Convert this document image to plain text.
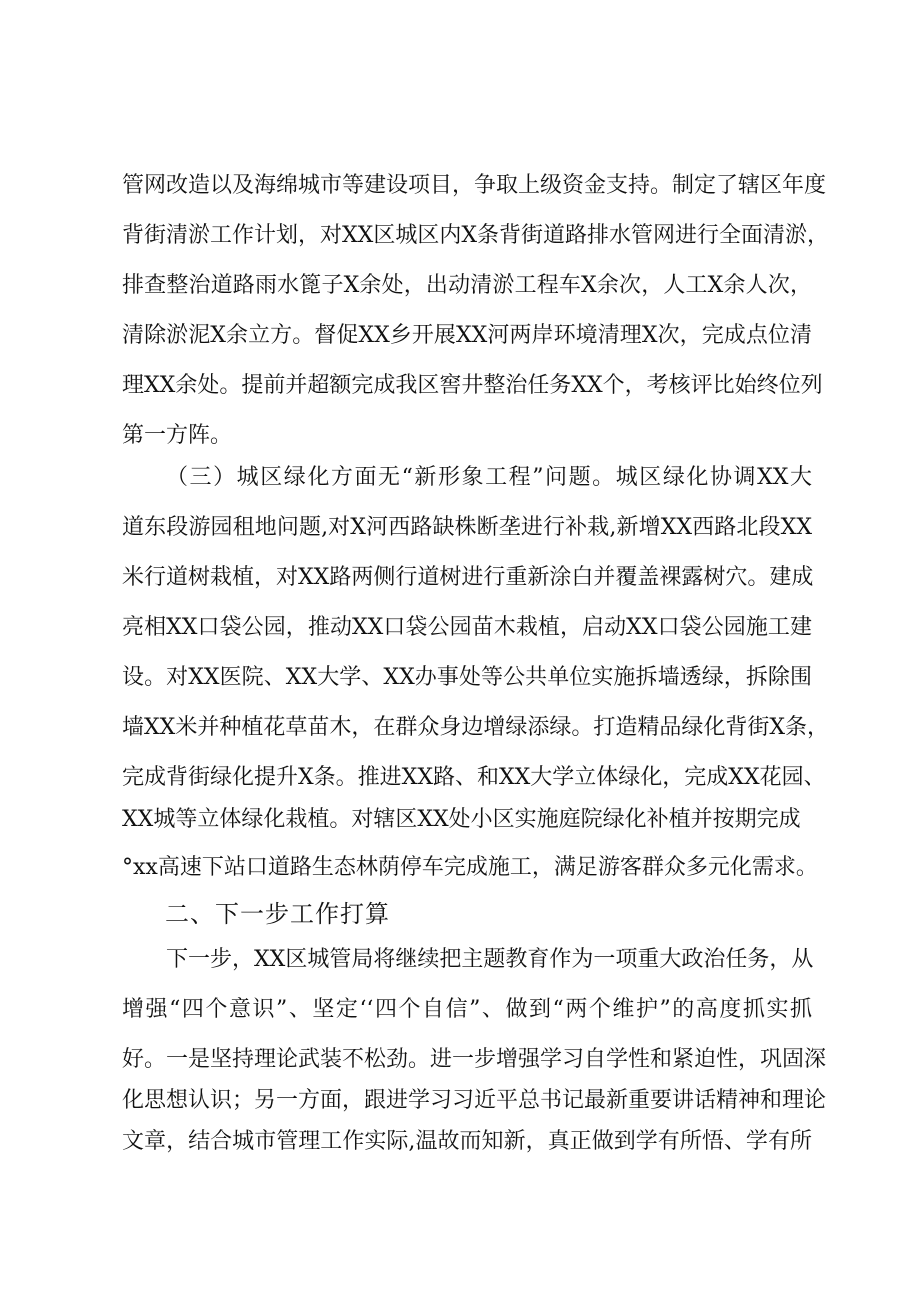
管网改造以及海绵城市等建设项目，争取上级资金支持。制定了辖区年度
背街清淤工作计划，对XX区城区内X条背街道路排水管网进行全面清淤，
排查整治道路雨水篦子X余处，出动清淤工程车X余次，人工X余人次，
清除淤泥X余立方。督促XX乡开展XX河两岸环境清理X次，完成点位清
理XX余处。提前并超额完成我区窖井整治任务XX个，考核评比始终位列
第一方阵。
（三）城区绿化方面无“新形象工程”问题。城区绿化协调XX大
道东段游园租地问题,对X河西路缺株断垄进行补栽,新增XX西路北段XX
米行道树栽植，对XX路两侧行道树进行重新涂白并覆盖裸露树穴。建成
亮相XX口袋公园，推动XX口袋公园苗木栽植，启动XX口袋公园施工建
设。对XX医院、XX大学、XX办事处等公共单位实施拆墙透绿，拆除围
墙XX米并种植花草苗木，在群众身边增绿添绿。打造精品绿化背街X条，
完成背街绿化提升X条。推进XX路、和XX大学立体绿化，完成XX花园、
XX城等立体绿化栽植。对辖区XX处小区实施庭院绿化补植并按期完成
°xx高速下站口道路生态林荫停车完成施工，满足游客群众多元化需求。
二、下一步工作打算
下一步，XX区城管局将继续把主题教育作为一项重大政治任务，从
增强“四个意识”、坚定‘‘四个自信”、做到“两个维护”的高度抓实抓
好。一是坚持理论武装不松劲。进一步增强学习自学性和紧迫性，巩固深
化思想认识；另一方面，跟进学习习近平总书记最新重要讲话精神和理论
文章，结合城市管理工作实际,温故而知新，真正做到学有所悟、学有所
